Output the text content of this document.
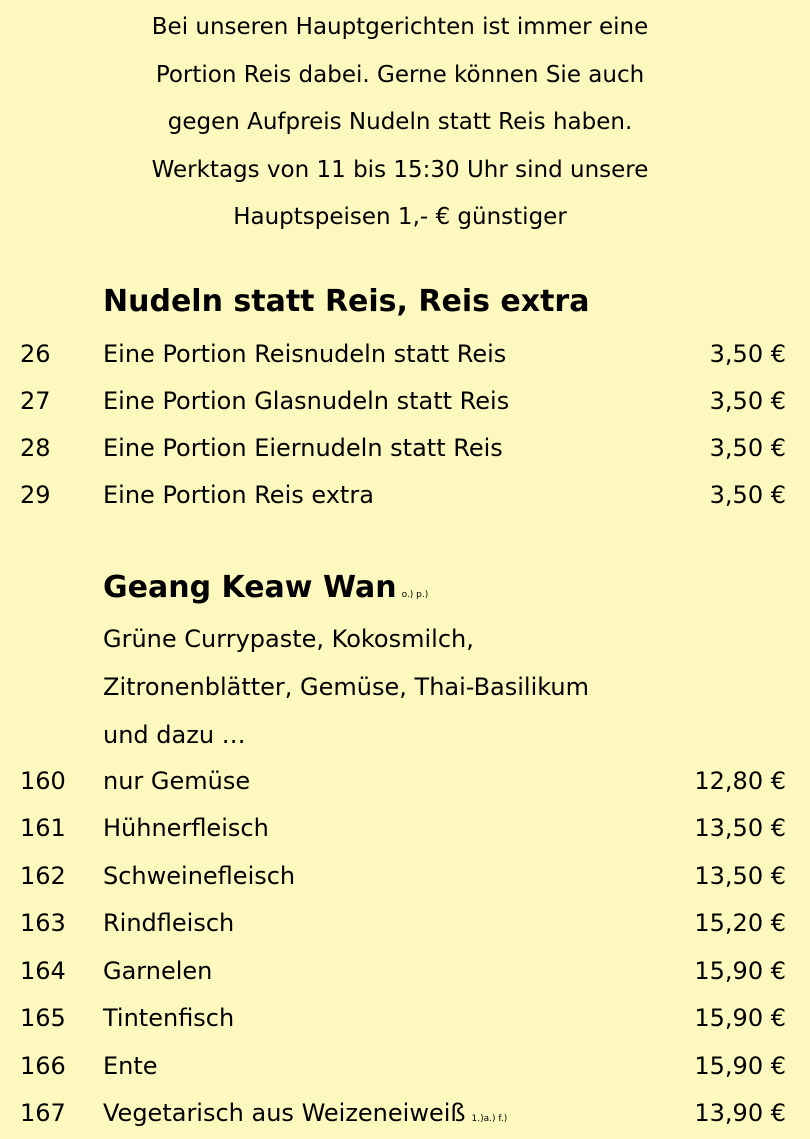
Bei unseren Hauptgerichten ist immer eine
Portion Reis dabei. Gerne können Sie auch
gegen Aufpreis Nudeln statt Reis haben.
Werktags von 11 bis 15:30 Uhr sind unsere
Hauptspeisen 1,- € günstiger
Nudeln statt Reis, Reis extra
26 Eine Portion Reisnudeln statt Reis	3,50 €
27 Eine Portion Glasnudeln statt Reis	3,50 €
28 Eine Portion Eiernudeln statt Reis	3,50 €
29 Eine Portion Reis extra	3,50 €
Geang Keaw Wan o.) p.)
Grüne Currypaste, Kokosmilch,
Zitronenblätter, Gemüse, Thai-Basilikum
und dazu …
160 nur Gemüse	12,80 €
161 Hühnerfleisch	13,50 €
162 Schweinefleisch	13,50 €
163 Rindfleisch	15,20 €
164 Garnelen	15,90 €
165 Tintenfisch	15,90 €
166 Ente	15,90 €
167 Vegetarisch aus Weizeneiweiß 1.)a.) f.)	13,90 €
